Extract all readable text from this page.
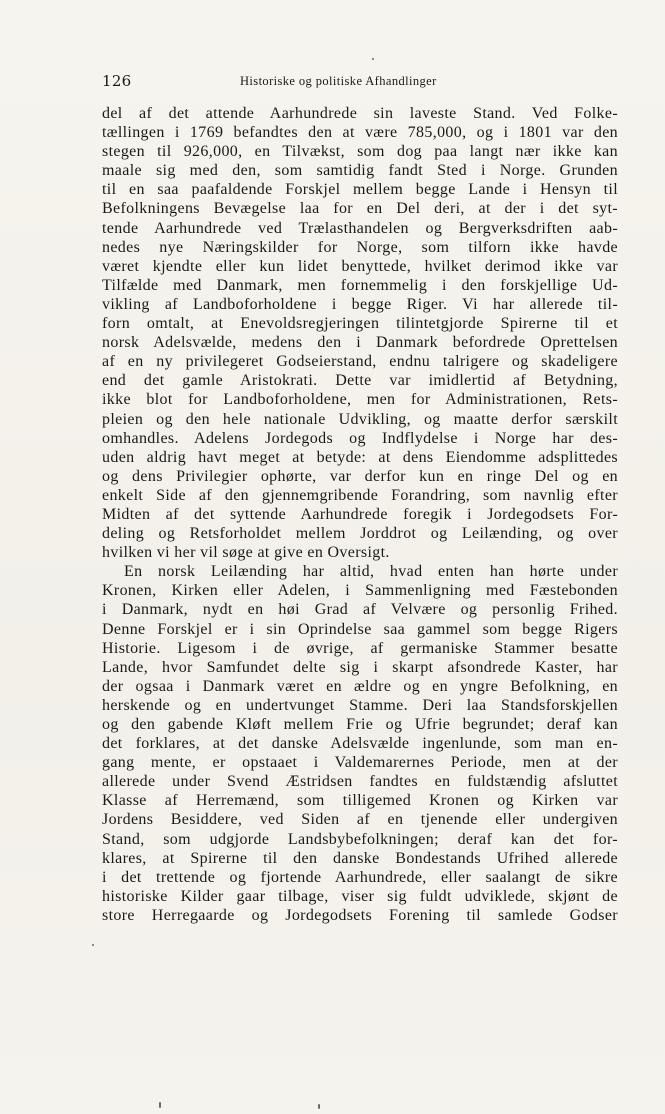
126	Historiske og politiske Afhandlinger
del af det attende Aarhundrede sin laveste Stand. Ved Folke-
tællingen i 1769 befandtes den at være 785,000, og i 1801 var den
stegen til 926,000, en Tilvækst, som dog paa langt nær ikke kan
maale sig med den, som samtidig fandt Sted i Norge. Grunden
til en saa paafaldende Forskjel mellem begge Lande i Hensyn til
Befolkningens Bevægelse laa for en Del deri, at der i det syt-
tende Aarhundrede ved Trælasthandelen og Bergverksdriften aab-
nedes nye Næringskilder for Norge, som tilforn ikke havde
været kjendte eller kun lidet benyttede, hvilket derimod ikke var
Tilfælde med Danmark, men fornemmelig i den forskjellige Ud-
vikling af Landboforholdene i begge Riger. Vi har allerede til-
forn omtalt, at Enevoldsregjeringen tilintetgjorde Spirerne til et
norsk Adelsvælde, medens den i Danmark befordrede Oprettelsen
af en ny privilegeret Godseierstand, endnu talrigere og skadeligere
end det gamle Aristokrati. Dette var imidlertid af Betydning,
ikke blot for Landboforholdene, men for Administrationen, Rets-
pleien og den hele nationale Udvikling, og maatte derfor særskilt
omhandles. Adelens Jordegods og Indflydelse i Norge har des-
uden aldrig havt meget at betyde: at dens Eiendomme adsplittedes
og dens Privilegier ophørte, var derfor kun en ringe Del og en
enkelt Side af den gjennemgribende Forandring, som navnlig efter
Midten af det syttende Aarhundrede foregik i Jordegodsets For-
deling og Retsforholdet mellem Jorddrot og Leilænding, og over
hvilken vi her vil søge at give en Oversigt.
En norsk Leilænding har altid, hvad enten han hørte under
Kronen, Kirken eller Adelen, i Sammenligning med Fæstebonden
i Danmark, nydt en høi Grad af Velvære og personlig Frihed.
Denne Forskjel er i sin Oprindelse saa gammel som begge Rigers
Historie. Ligesom i de øvrige, af germaniske Stammer besatte
Lande, hvor Samfundet delte sig i skarpt afsondrede Kaster, har
der ogsaa i Danmark været en ældre og en yngre Befolkning, en
herskende og en undertvunget Stamme. Deri laa Standsforskjellen
og den gabende Kløft mellem Frie og Ufrie begrundet; deraf kan
det forklares, at det danske Adelsvælde ingenlunde, som man en-
gang mente, er opstaaet i Valdemarernes Periode, men at der
allerede under Svend Æstridsen fandtes en fuldstændig afsluttet
Klasse af Herremænd, som tilligemed Kronen og Kirken var
Jordens Besiddere, ved Siden af en tjenende eller undergiven
Stand, som udgjorde Landsbybefolkningen; deraf kan det for-
klares, at Spirerne til den danske Bondestands Ufrihed allerede
i det trettende og fjortende Aarhundrede, eller saalangt de sikre
historiske Kilder gaar tilbage, viser sig fuldt udviklede, skjønt de
store Herregaarde og Jordegodsets Forening til samlede Godser
